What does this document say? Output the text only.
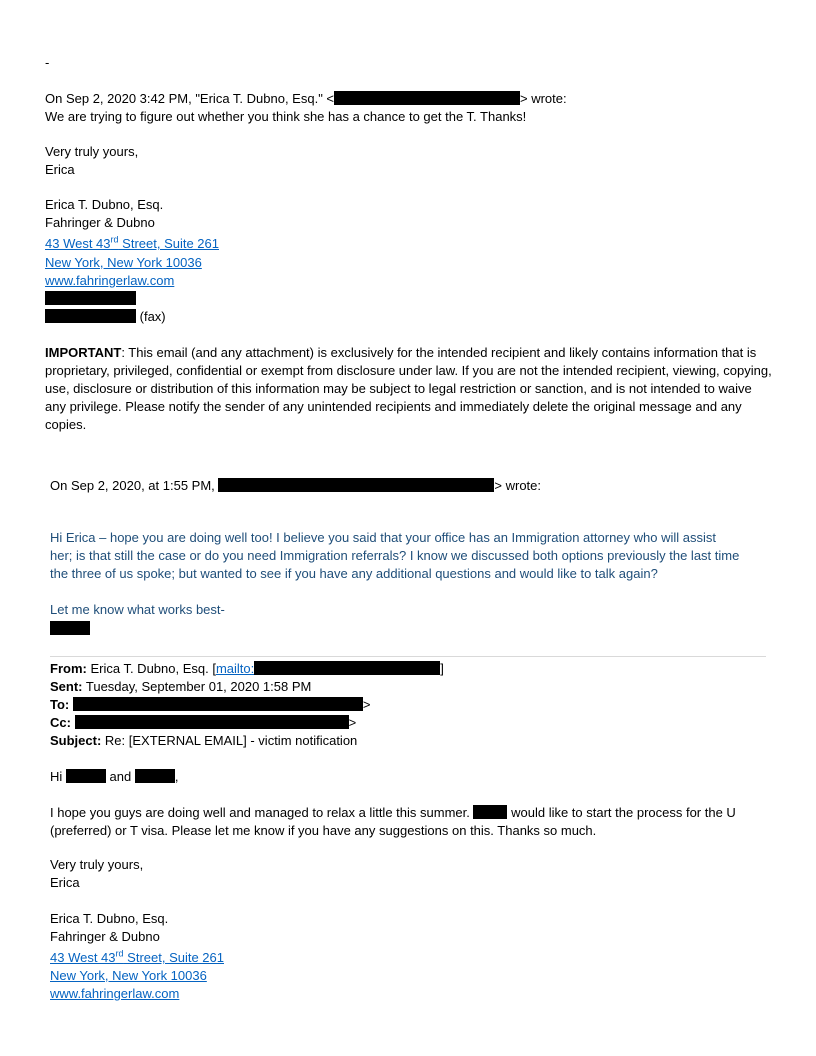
-
On Sep 2, 2020 3:42 PM, "Erica T. Dubno, Esq." <	> wrote:
We are trying to figure out whether you think she has a chance to get the T. Thanks!
Very truly yours,
Erica
Erica T. Dubno, Esq.
Fahringer & Dubno
43 West 43rd Street, Suite 261
New York, New York 10036
www.fahringerlaw.com
(fax)
IMPORTANT: This email (and any attachment) is exclusively for the intended recipient and likely contains information that is proprietary, privileged, confidential or exempt from disclosure under law. If you are not the intended recipient, viewing, copying, use, disclosure or distribution of this information may be subject to legal restriction or sanction, and is not intended to waive any privilege. Please notify the sender of any unintended recipients and immediately delete the original message and any copies.
On Sep 2, 2020, at 1:55 PM,	> wrote:
Hi Erica – hope you are doing well too! I believe you said that your office has an Immigration attorney who will assist
her; is that still the case or do you need Immigration referrals? I know we discussed both options previously the last time
the three of us spoke; but wanted to see if you have any additional questions and would like to talk again?
Let me know what works best-
From: Erica T. Dubno, Esq. [mailto:	]
Sent: Tuesday, September 01, 2020 1:58 PM
To:	>
Cc:	>
Subject: Re: [EXTERNAL EMAIL] - victim notification
Hi	and	,
I hope you guys are doing well and managed to relax a little this summer.	would like to start the process for the U
(preferred) or T visa. Please let me know if you have any suggestions on this. Thanks so much.
Very truly yours,
Erica
Erica T. Dubno, Esq.
Fahringer & Dubno
43 West 43rd Street, Suite 261
New York, New York 10036
www.fahringerlaw.com
